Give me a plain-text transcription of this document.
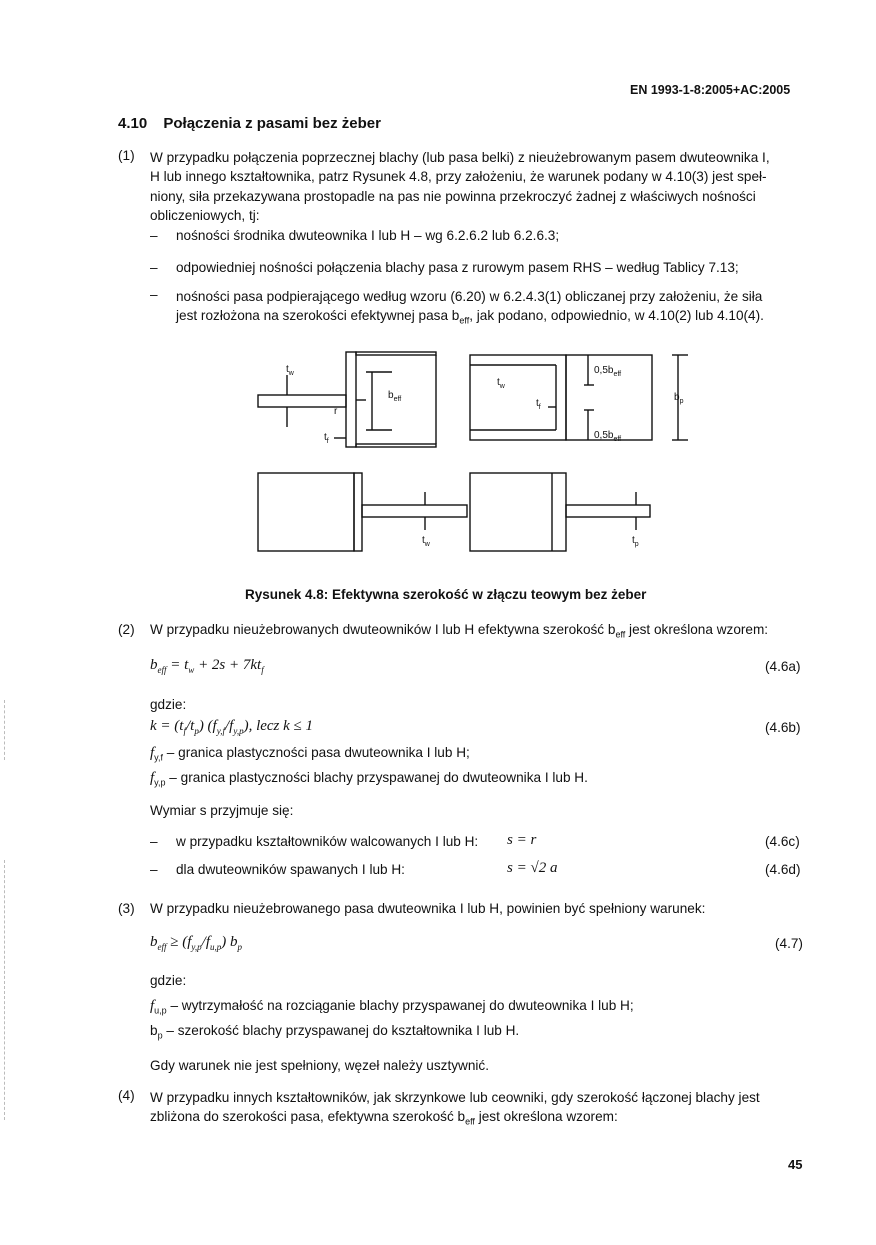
EN 1993-1-8:2005+AC:2005
4.10 Połączenia z pasami bez żeber
(1) W przypadku połączenia poprzecznej blachy (lub pasa belki) z nieużebrowanym pasem dwuteownika I,
H lub innego kształtownika, patrz Rysunek 4.8, przy założeniu, że warunek podany w 4.10(3) jest speł-
niony, siła przekazywana prostopadle na pas nie powinna przekroczyć żadnej z właściwych nośności
obliczeniowych, tj:
– nośności środnika dwuteownika I lub H – wg 6.2.6.2 lub 6.2.6.3;
– odpowiedniej nośności połączenia blachy pasa z rurowym pasem RHS – według Tablicy 7.13;
– nośności pasa podpierającego według wzoru (6.20) w 6.2.4.3(1) obliczanej przy założeniu, że siła
jest rozłożona na szerokości efektywnej pasa $b_{eff}$, jak podano, odpowiednio, w 4.10(2) lub 4.10(4).
$t_w$
r
$t_f$
$b_{eff}$
$t_w$
$t_f$
$0,5b_{eff}$
$0,5b_{eff}$
$b_p$
$t_w$	$t_p$
Rysunek 4.8: Efektywna szerokość w złączu teowym bez żeber
(2) W przypadku nieużebrowanych dwuteowników I lub H efektywna szerokość $b_{eff}$ jest określona wzorem:
$b_{eff} = t_w + 2s + 7kt_f$	(4.6a)
gdzie:
$k = (t_f/t_p)$ $(f_{y,f}/f_{y,p})$, lecz k ≤ 1	(4.6b)
$f_{y,f}$ – granica plastyczności pasa dwuteownika I lub H;
$f_{y,p}$ – granica plastyczności blachy przyspawanej do dwuteownika I lub H.
Wymiar s przyjmuje się:
– w przypadku kształtowników walcowanych I lub H: s = r	(4.6c)
– dla dwuteowników spawanych I lub H:	s = √2 a	(4.6d)
(3) W przypadku nieużebrowanego pasa dwuteownika I lub H, powinien być spełniony warunek:
$b_{eff} \ge (f_{y,p}/f_{u,p})$ $b_p$	(4.7)
gdzie:
$f_{u,p}$ – wytrzymałość na rozciąganie blachy przyspawanej do dwuteownika I lub H;
$b_p$ – szerokość blachy przyspawanej do kształtownika I lub H.
Gdy warunek nie jest spełniony, węzeł należy usztywnić.
(4) W przypadku innych kształtowników, jak skrzynkowe lub ceowniki, gdy szerokość łączonej blachy jest
zbliżona do szerokości pasa, efektywna szerokość $b_{eff}$ jest określona wzorem:
45
